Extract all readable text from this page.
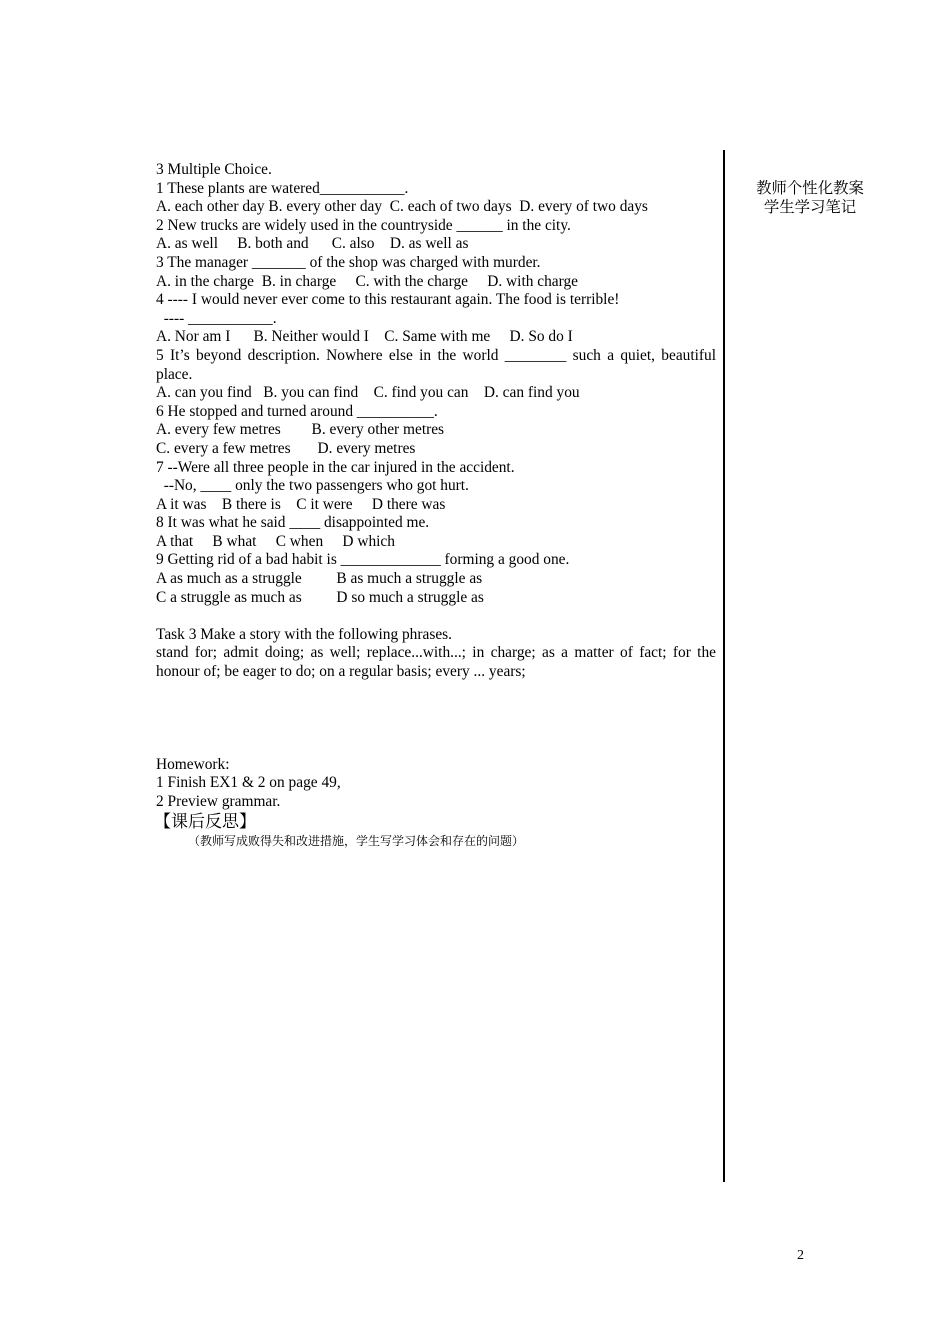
3 Multiple Choice.
1 These plants are watered___________.
A. each other day B. every other day  C. each of two days  D. every of two days
2 New trucks are widely used in the countryside ______ in the city.
A. as well     B. both and      C. also    D. as well as
3 The manager _______ of the shop was charged with murder.
A. in the charge  B. in charge     C. with the charge     D. with charge
4 ---- I would never ever come to this restaurant again. The food is terrible!
---- ___________.
A. Nor am I      B. Neither would I    C. Same with me     D. So do I
5 It’s beyond description. Nowhere else in the world ________ such a quiet, beautiful place.
A. can you find   B. you can find    C. find you can    D. can find you
6 He stopped and turned around __________.
A. every few metres        B. every other metres
C. every a few metres       D. every metres
7 --Were all three people in the car injured in the accident.
--No, ____ only the two passengers who got hurt.
A it was    B there is    C it were     D there was
8 It was what he said ____ disappointed me.
A that     B what     C when     D which
9 Getting rid of a bad habit is _____________ forming a good one.
A as much as a struggle         B as much a struggle as
C a struggle as much as         D so much a struggle as
Task 3 Make a story with the following phrases.
stand for; admit doing; as well; replace...with...; in charge; as a matter of fact; for the honour of; be eager to do; on a regular basis; every ... years;
Homework:
1 Finish EX1 & 2 on page 49,
2 Preview grammar.
【课后反思】
（教师写成败得失和改进措施，学生写学习体会和存在的问题）
教师个性化教案
学生学习笔记
2
